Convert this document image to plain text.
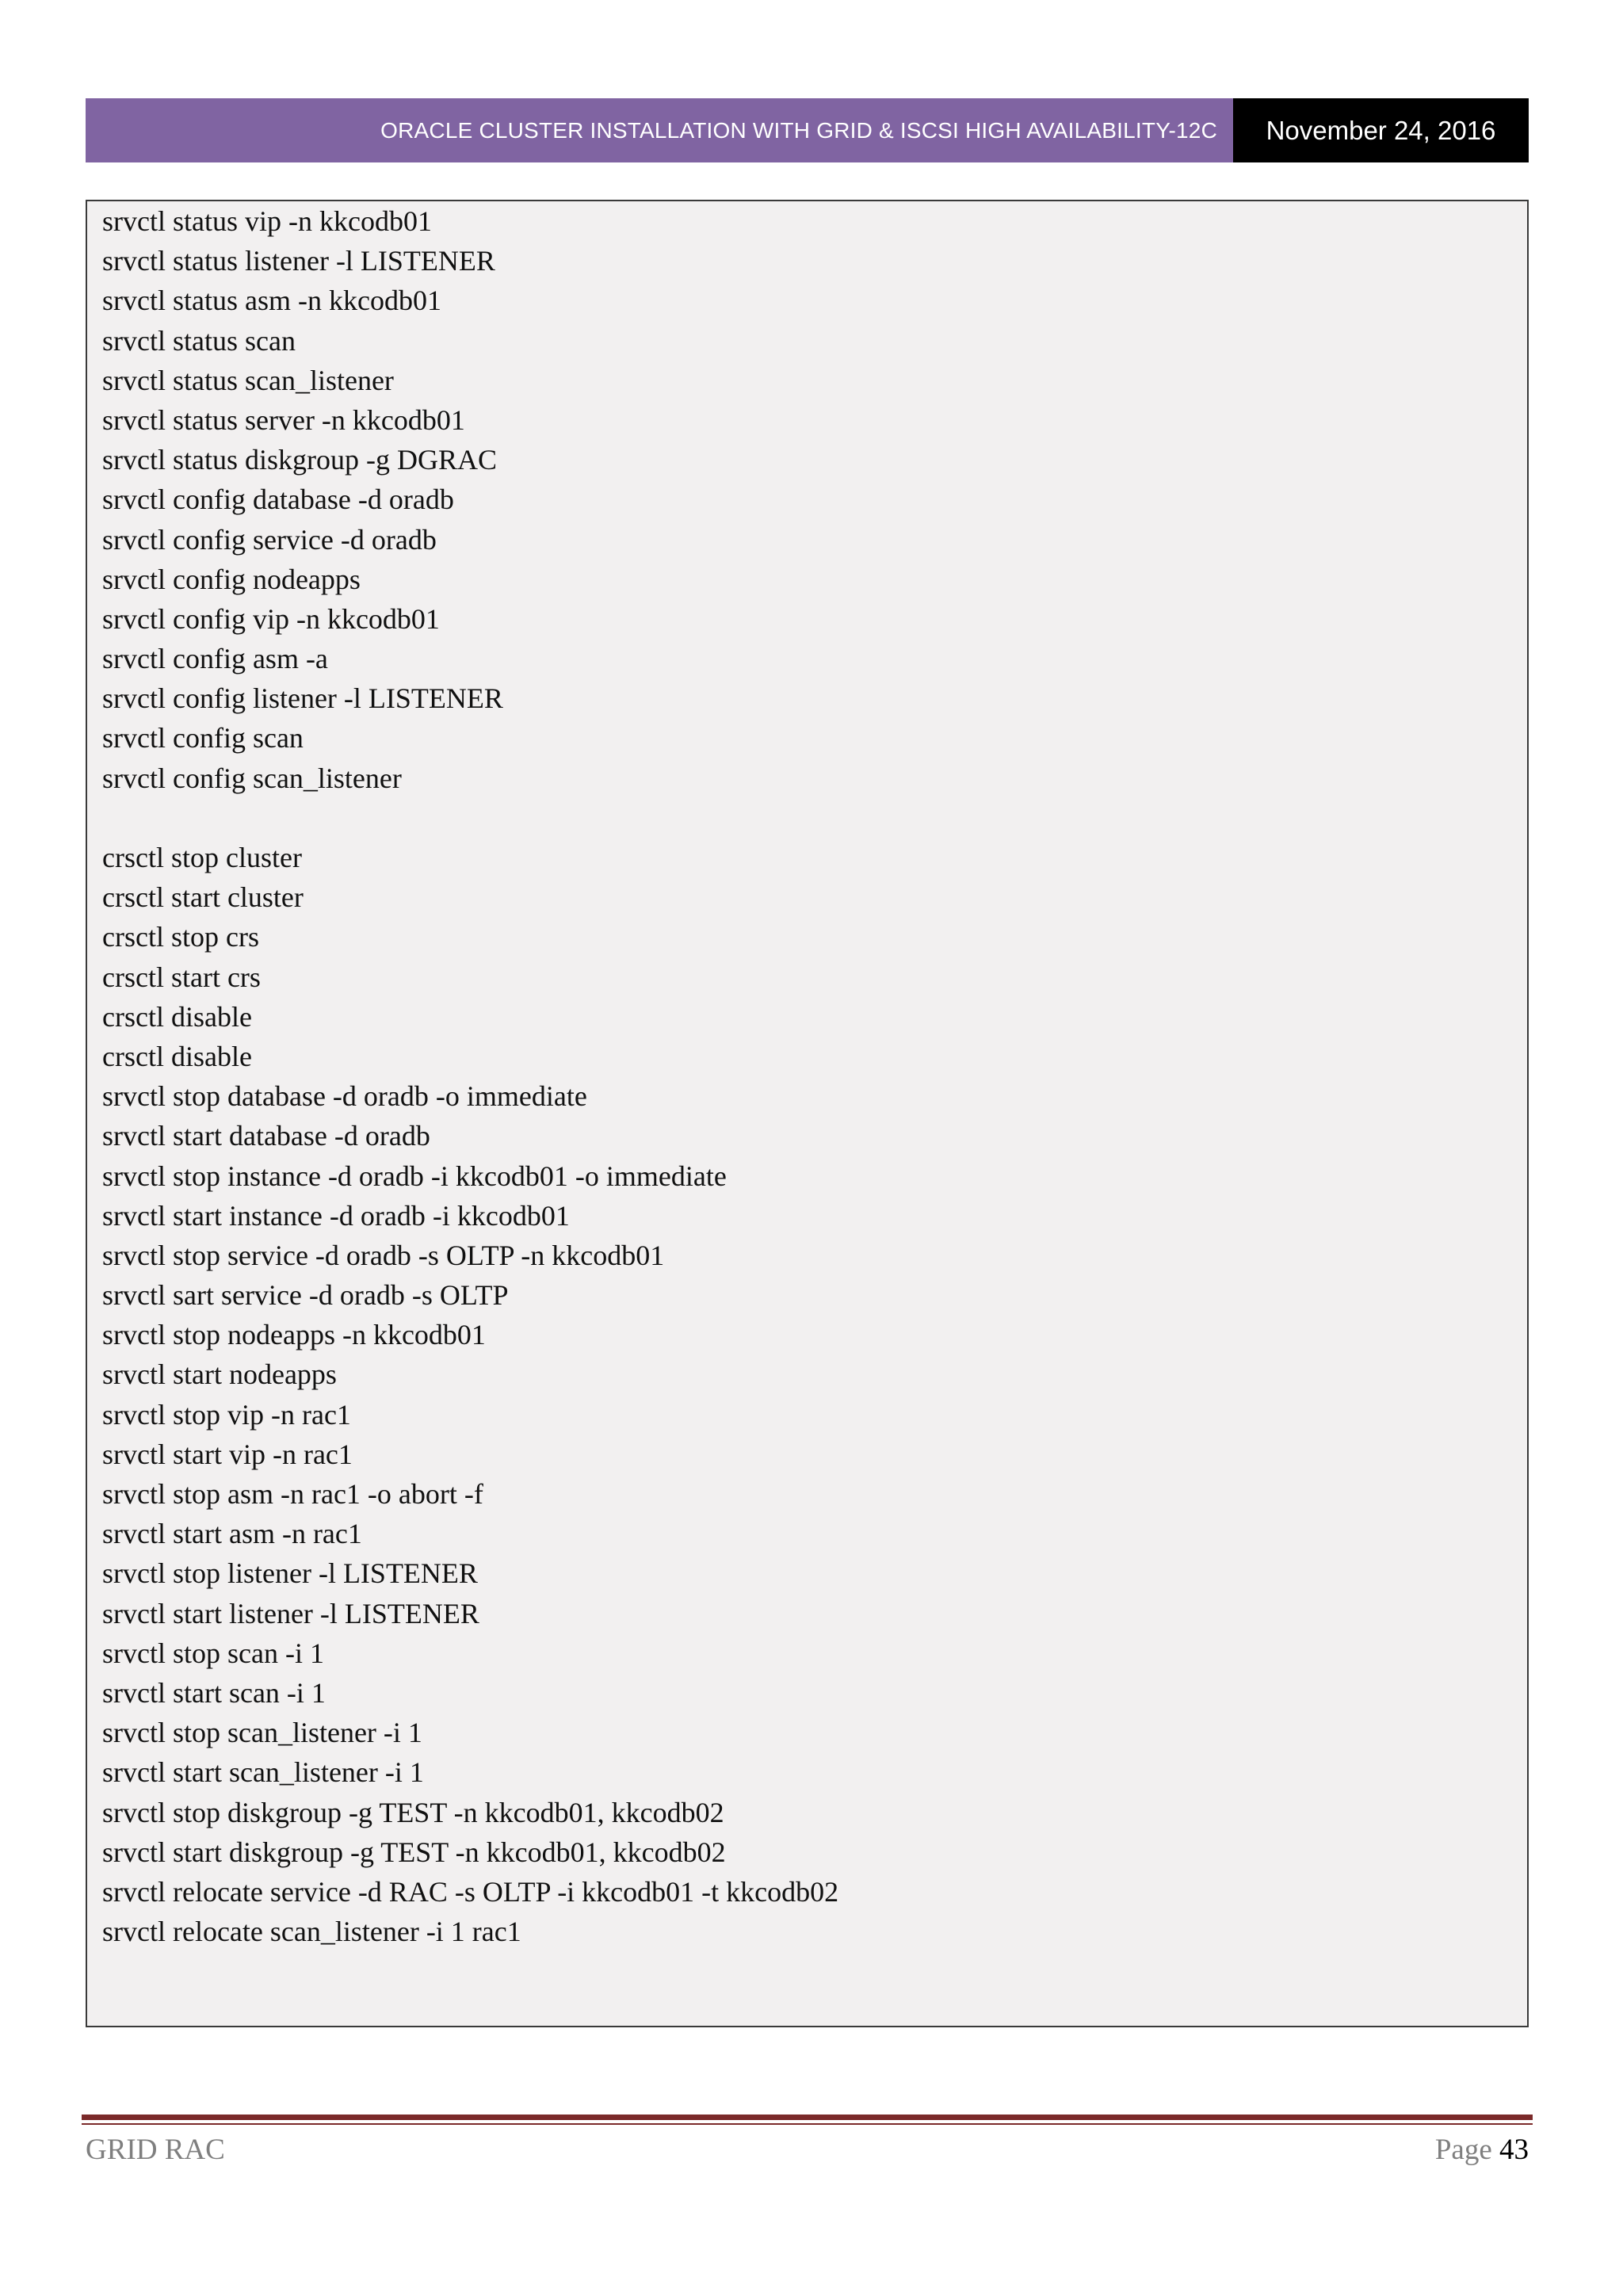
ORACLE CLUSTER INSTALLATION WITH GRID & ISCSI HIGH AVAILABILITY-12C	November 24, 2016
srvctl status vip -n kkcodb01
srvctl status listener -l LISTENER
srvctl status asm -n kkcodb01
srvctl status scan
srvctl status scan_listener
srvctl status server -n kkcodb01
srvctl status diskgroup -g DGRAC
srvctl config database -d oradb
srvctl config service -d oradb
srvctl config nodeapps
srvctl config vip -n kkcodb01
srvctl config asm -a
srvctl config listener -l LISTENER
srvctl config scan
srvctl config scan_listener
crsctl stop cluster
crsctl start cluster
crsctl stop crs
crsctl start crs
crsctl disable
crsctl disable
srvctl stop database -d oradb -o immediate
srvctl start database -d oradb
srvctl stop instance -d oradb -i kkcodb01 -o immediate
srvctl start instance -d oradb -i kkcodb01
srvctl stop service -d oradb -s OLTP -n kkcodb01
srvctl sart service -d oradb -s OLTP
srvctl stop nodeapps -n kkcodb01
srvctl start nodeapps
srvctl stop vip -n rac1
srvctl start vip -n rac1
srvctl stop asm -n rac1 -o abort -f
srvctl start asm -n rac1
srvctl stop listener -l LISTENER
srvctl start listener -l LISTENER
srvctl stop scan -i 1
srvctl start scan -i 1
srvctl stop scan_listener -i 1
srvctl start scan_listener -i 1
srvctl stop diskgroup -g TEST -n kkcodb01, kkcodb02
srvctl start diskgroup -g TEST -n kkcodb01, kkcodb02
srvctl relocate service -d RAC -s OLTP -i kkcodb01 -t kkcodb02
srvctl relocate scan_listener -i 1 rac1
GRID RAC	Page 43
